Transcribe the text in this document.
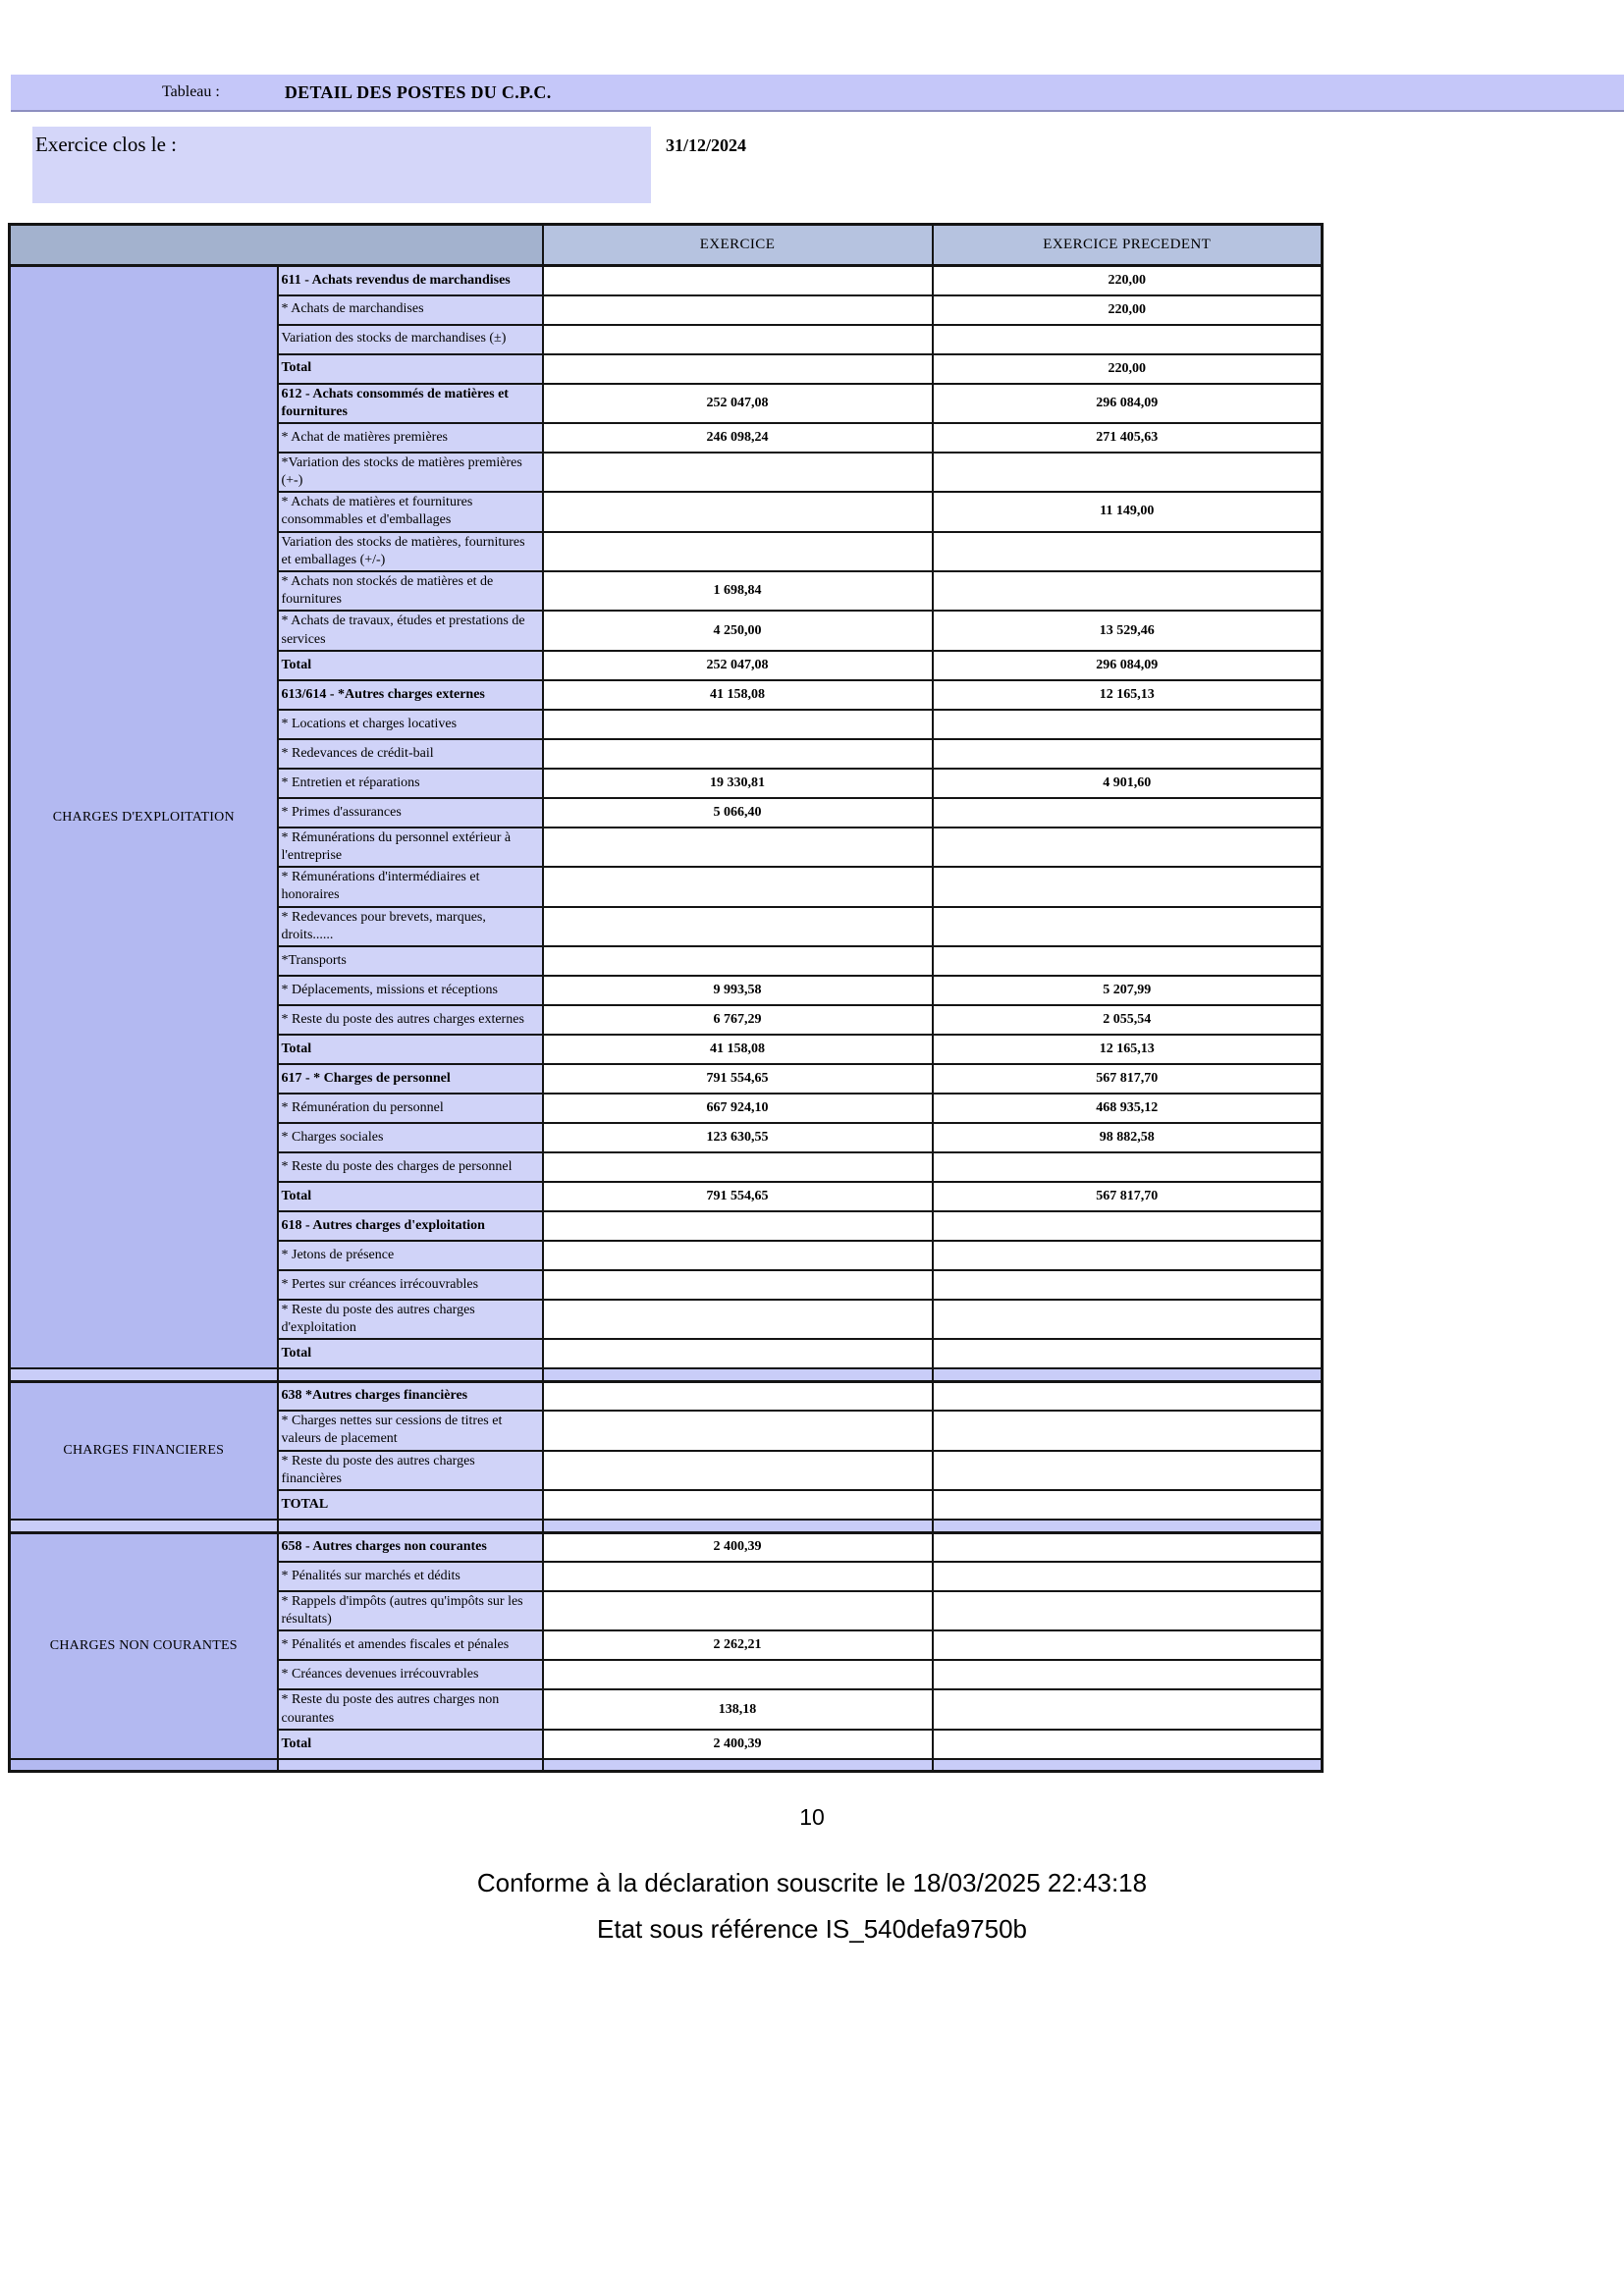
Tableau :	DETAIL DES POSTES DU C.P.C.
Exercice clos le :	31/12/2024
		EXERCICE	EXERCICE PRECEDENT
CHARGES D'EXPLOITATION	611 - Achats revendus de marchandises		220,00
	* Achats de marchandises		220,00
	Variation des stocks de marchandises (±)		
	Total		220,00
	612 - Achats consommés de matières et fournitures	252 047,08	296 084,09
	* Achat de matières premières	246 098,24	271 405,63
	*Variation des stocks de matières premières (+-)		
	* Achats de matières et fournitures consommables et d'emballages		11 149,00
	Variation des stocks de matières, fournitures et emballages (+/-)		
	* Achats non stockés de matières et de fournitures	1 698,84	
	* Achats de travaux, études et prestations de services	4 250,00	13 529,46
	Total	252 047,08	296 084,09
	613/614 - *Autres charges externes	41 158,08	12 165,13
	* Locations et charges locatives		
	* Redevances de crédit-bail		
	* Entretien et réparations	19 330,81	4 901,60
	* Primes d'assurances	5 066,40	
	* Rémunérations du personnel extérieur à l'entreprise		
	* Rémunérations d'intermédiaires et honoraires		
	* Redevances pour brevets, marques, droits......		
	*Transports		
	* Déplacements, missions et réceptions	9 993,58	5 207,99
	* Reste du poste des autres charges externes	6 767,29	2 055,54
	Total	41 158,08	12 165,13
	617 - * Charges de personnel	791 554,65	567 817,70
	* Rémunération du personnel	667 924,10	468 935,12
	* Charges sociales	123 630,55	98 882,58
	* Reste du poste des charges de personnel		
	Total	791 554,65	567 817,70
	618 - Autres charges d'exploitation		
	* Jetons de présence		
	* Pertes sur créances irrécouvrables		
	* Reste du poste des autres charges d'exploitation		
	Total		

CHARGES FINANCIERES	638 *Autres charges financières		
	* Charges nettes sur cessions de titres et valeurs de placement		
	* Reste du poste des autres charges financières		
	TOTAL		

CHARGES NON COURANTES	658 - Autres charges non courantes	2 400,39	
	* Pénalités sur marchés et dédits		
	* Rappels d'impôts (autres qu'impôts sur les résultats)		
	* Pénalités et amendes fiscales et pénales	2 262,21	
	* Créances devenues irrécouvrables		
	* Reste du poste des autres charges non courantes	138,18	
	Total	2 400,39	

10
Conforme à la déclaration souscrite le 18/03/2025 22:43:18
Etat sous référence IS_540defa9750b
